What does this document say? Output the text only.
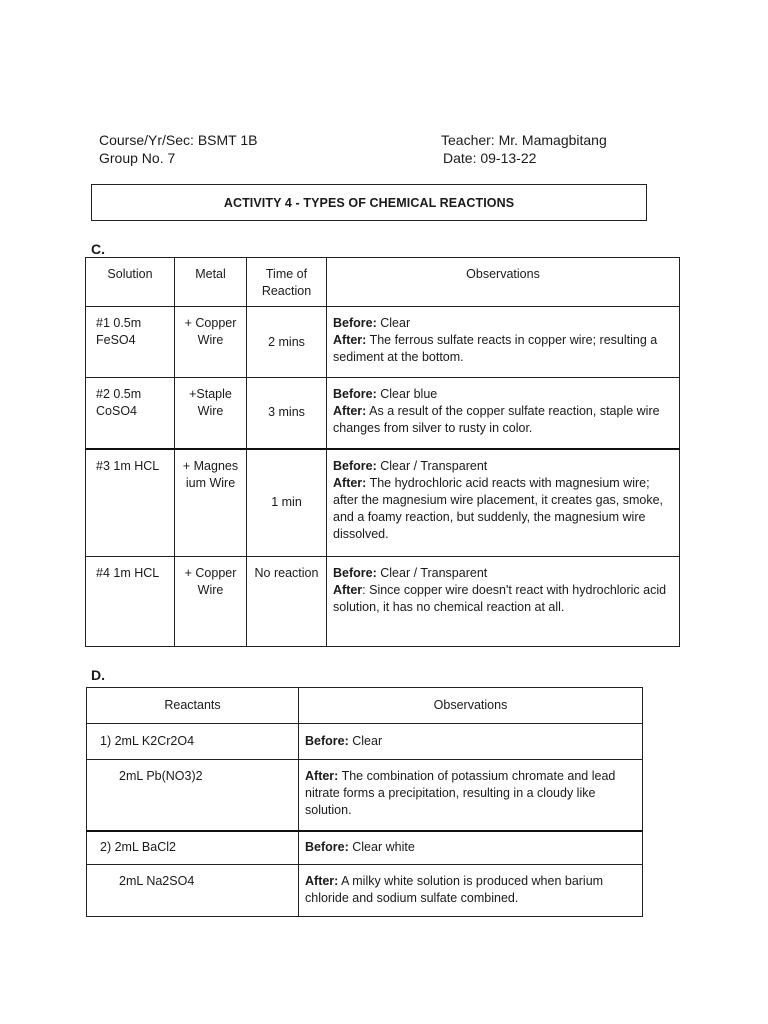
Course/Yr/Sec: BSMT 1B
Group No. 7
Teacher: Mr. Mamagbitang
Date: 09-13-22
ACTIVITY 4 - TYPES OF CHEMICAL REACTIONS
C.
Solution	Metal	Time of Reaction	Observations
#1 0.5m FeSO4	+ Copper Wire	2 mins	Before: Clear
After: The ferrous sulfate reacts in copper wire; resulting a sediment at the bottom.
#2 0.5m CoSO4	+Staple Wire	3 mins	Before: Clear blue
After: As a result of the copper sulfate reaction, staple wire changes from silver to rusty in color.
#3 1m HCL	+ Magnes ium Wire	1 min	Before: Clear / Transparent
After: The hydrochloric acid reacts with magnesium wire; after the magnesium wire placement, it creates gas, smoke, and a foamy reaction, but suddenly, the magnesium wire dissolved.
#4 1m HCL	+ Copper Wire	No reaction	Before: Clear / Transparent
After: Since copper wire doesn't react with hydrochloric acid solution, it has no chemical reaction at all.
D.
Reactants	Observations
1) 2mL K2Cr2O4	Before: Clear
2mL Pb(NO3)2	After: The combination of potassium chromate and lead nitrate forms a precipitation, resulting in a cloudy like solution.
2) 2mL BaCl2	Before: Clear white
2mL Na2SO4	After: A milky white solution is produced when barium chloride and sodium sulfate combined.
